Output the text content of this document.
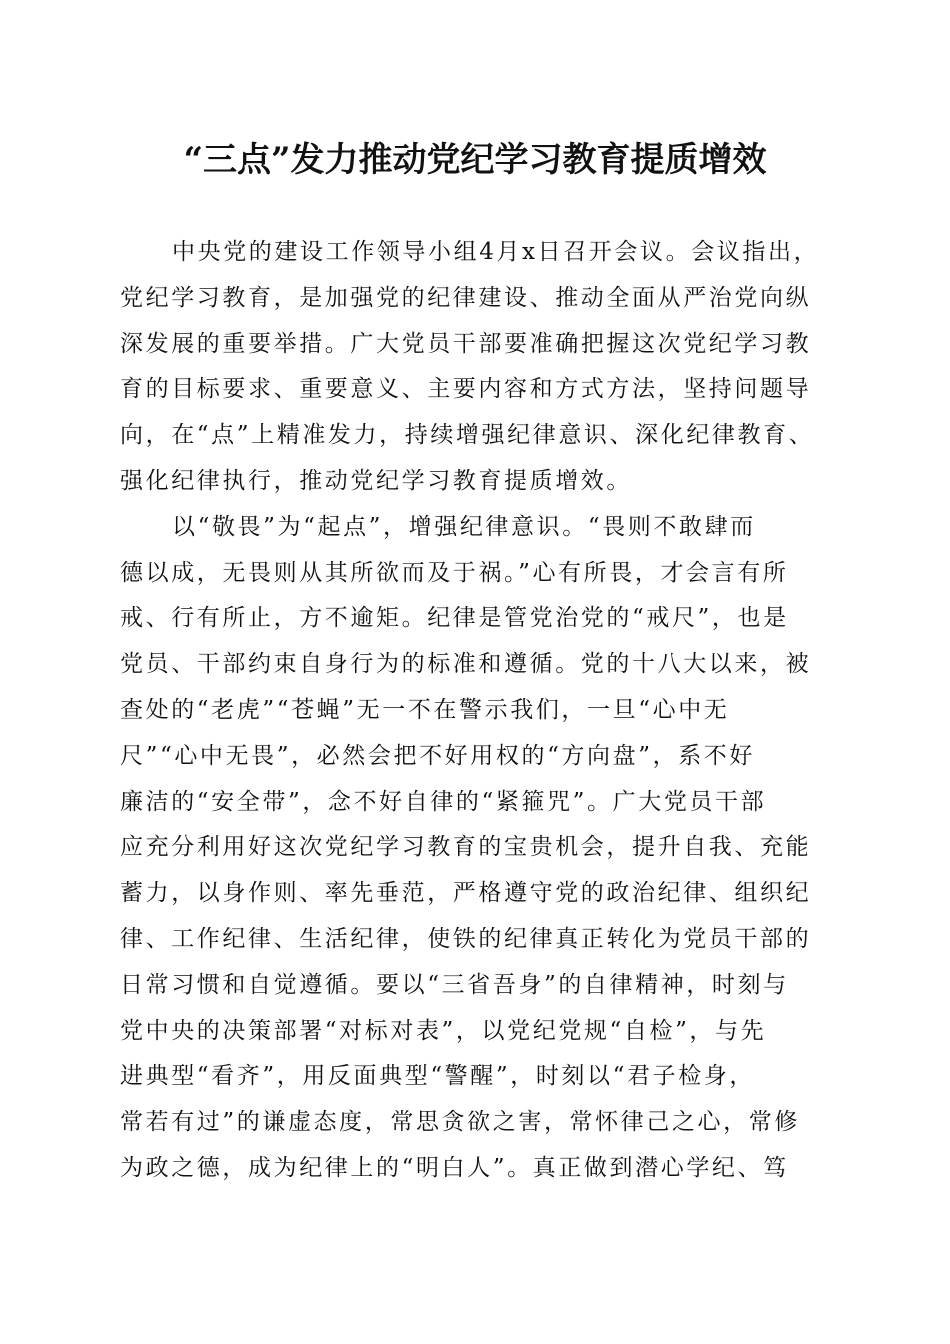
“三点”发力推动党纪学习教育提质增效

中央党的建设工作领导小组4月x日召开会议。会议指出，
党纪学习教育，是加强党的纪律建设、推动全面从严治党向纵
深发展的重要举措。广大党员干部要准确把握这次党纪学习教
育的目标要求、重要意义、主要内容和方式方法，坚持问题导
向，在“点”上精准发力，持续增强纪律意识、深化纪律教育、
强化纪律执行，推动党纪学习教育提质增效。

以“敬畏”为“起点”，增强纪律意识。“畏则不敢肆而
德以成，无畏则从其所欲而及于祸。”心有所畏，才会言有所
戒、行有所止，方不逾矩。纪律是管党治党的“戒尺”，也是
党员、干部约束自身行为的标准和遵循。党的十八大以来，被
查处的“老虎”“苍蝇”无一不在警示我们，一旦“心中无
尺”“心中无畏”，必然会把不好用权的“方向盘”，系不好
廉洁的“安全带”，念不好自律的“紧箍咒”。广大党员干部
应充分利用好这次党纪学习教育的宝贵机会，提升自我、充能
蓄力，以身作则、率先垂范，严格遵守党的政治纪律、组织纪
律、工作纪律、生活纪律，使铁的纪律真正转化为党员干部的
日常习惯和自觉遵循。要以“三省吾身”的自律精神，时刻与
党中央的决策部署“对标对表”，以党纪党规“自检”，与先
进典型“看齐”，用反面典型“警醒”，时刻以“君子检身，
常若有过”的谦虚态度，常思贪欲之害，常怀律己之心，常修
为政之德，成为纪律上的“明白人”。真正做到潜心学纪、笃
